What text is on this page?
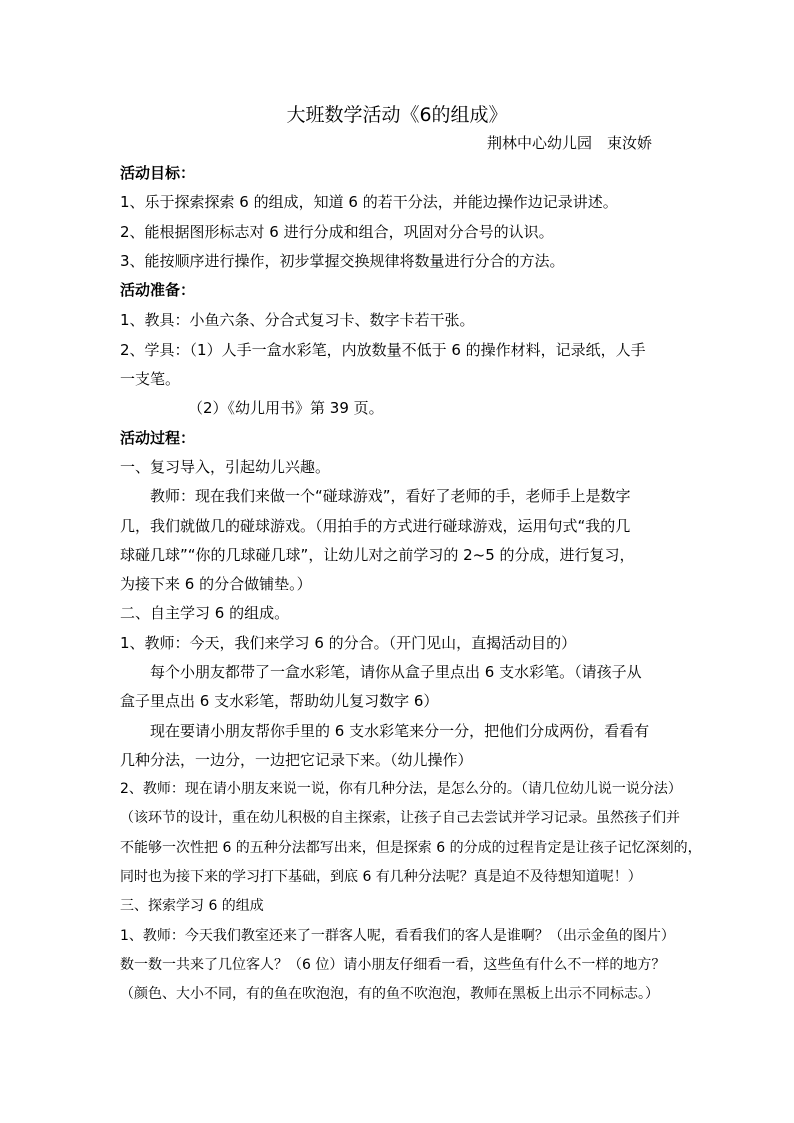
大班数学活动《6的组成》
荆林中心幼儿园　束汝娇
活动目标：
1、乐于探索探索 6 的组成，知道 6 的若干分法，并能边操作边记录讲述。
2、能根据图形标志对 6 进行分成和组合，巩固对分合号的认识。
3、能按顺序进行操作，初步掌握交换规律将数量进行分合的方法。
活动准备：
1、教具：小鱼六条、分合式复习卡、数字卡若干张。
2、学具：（1）人手一盒水彩笔，内放数量不低于 6 的操作材料，记录纸，人手
一支笔。
（2）《幼儿用书》第 39 页。
活动过程：
一、复习导入，引起幼儿兴趣。
教师：现在我们来做一个“碰球游戏”，看好了老师的手，老师手上是数字
几，我们就做几的碰球游戏。（用拍手的方式进行碰球游戏，运用句式“我的几
球碰几球”“你的几球碰几球”，让幼儿对之前学习的 2~5 的分成，进行复习，
为接下来 6 的分合做铺垫。）
二、自主学习 6 的组成。
1、教师：今天，我们来学习 6 的分合。（开门见山，直揭活动目的）
每个小朋友都带了一盒水彩笔，请你从盒子里点出 6 支水彩笔。（请孩子从
盒子里点出 6 支水彩笔，帮助幼儿复习数字 6）
现在要请小朋友帮你手里的 6 支水彩笔来分一分，把他们分成两份，看看有
几种分法，一边分，一边把它记录下来。（幼儿操作）
2、教师：现在请小朋友来说一说，你有几种分法，是怎么分的。（请几位幼儿说一说分法）
（该环节的设计，重在幼儿积极的自主探索，让孩子自己去尝试并学习记录。虽然孩子们并
不能够一次性把 6 的五种分法都写出来，但是探索 6 的分成的过程肯定是让孩子记忆深刻的，
同时也为接下来的学习打下基础，到底 6 有几种分法呢？真是迫不及待想知道呢！）
三、探索学习 6 的组成
1、教师：今天我们教室还来了一群客人呢，看看我们的客人是谁啊？（出示金鱼的图片）
数一数一共来了几位客人？（6 位）请小朋友仔细看一看，这些鱼有什么不一样的地方？
（颜色、大小不同，有的鱼在吹泡泡，有的鱼不吹泡泡，教师在黑板上出示不同标志。）
